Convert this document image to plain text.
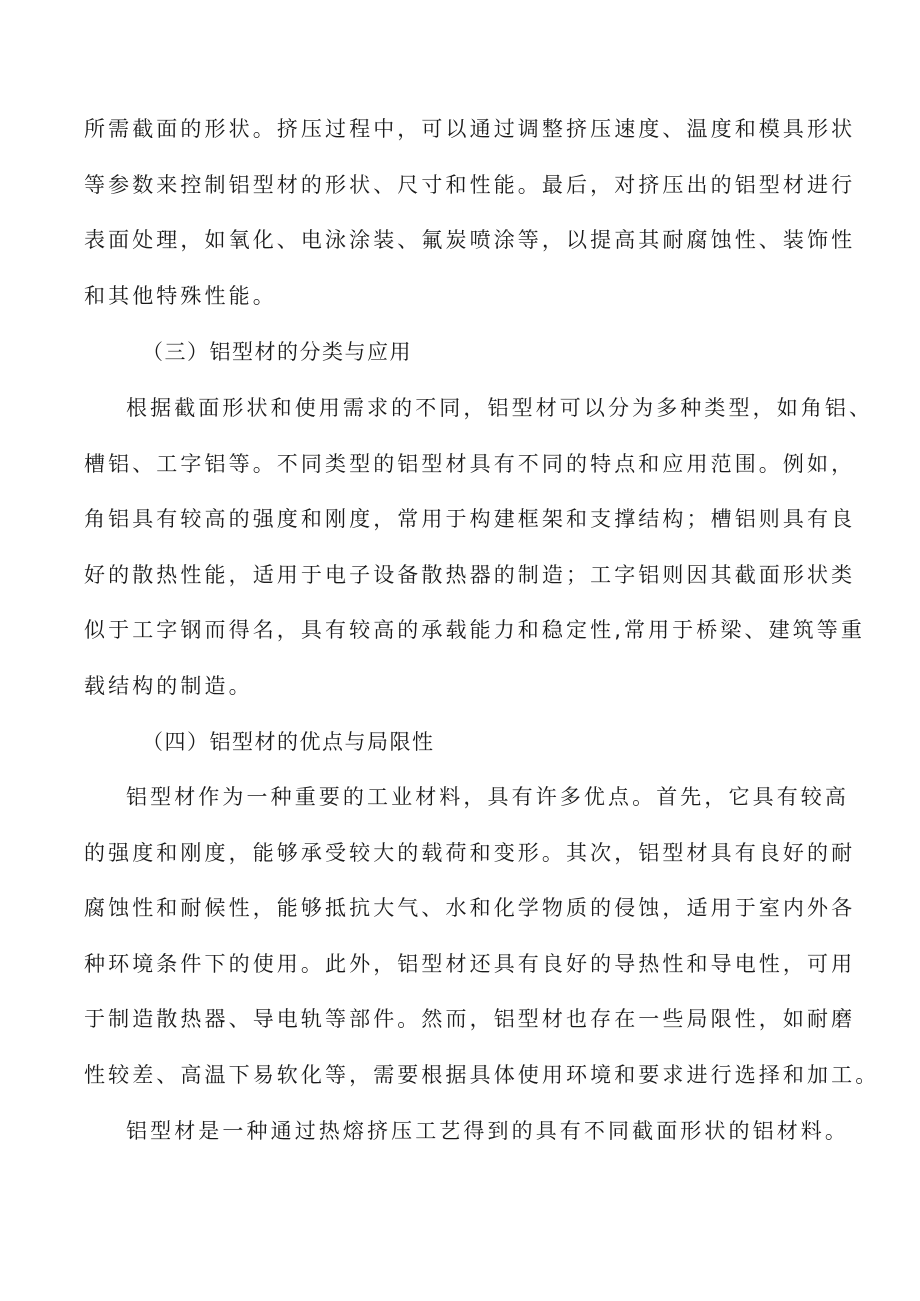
所需截面的形状。挤压过程中，可以通过调整挤压速度、温度和模具形状
等参数来控制铝型材的形状、尺寸和性能。最后，对挤压出的铝型材进行
表面处理，如氧化、电泳涂装、氟炭喷涂等，以提高其耐腐蚀性、装饰性
和其他特殊性能。
（三）铝型材的分类与应用
根据截面形状和使用需求的不同，铝型材可以分为多种类型，如角铝、
槽铝、工字铝等。不同类型的铝型材具有不同的特点和应用范围。例如，
角铝具有较高的强度和刚度，常用于构建框架和支撑结构；槽铝则具有良
好的散热性能，适用于电子设备散热器的制造；工字铝则因其截面形状类
似于工字钢而得名，具有较高的承载能力和稳定性,常用于桥梁、建筑等重
载结构的制造。
（四）铝型材的优点与局限性
铝型材作为一种重要的工业材料，具有许多优点。首先，它具有较高
的强度和刚度，能够承受较大的载荷和变形。其次，铝型材具有良好的耐
腐蚀性和耐候性，能够抵抗大气、水和化学物质的侵蚀，适用于室内外各
种环境条件下的使用。此外，铝型材还具有良好的导热性和导电性，可用
于制造散热器、导电轨等部件。然而，铝型材也存在一些局限性，如耐磨
性较差、高温下易软化等，需要根据具体使用环境和要求进行选择和加工。
铝型材是一种通过热熔挤压工艺得到的具有不同截面形状的铝材料。
